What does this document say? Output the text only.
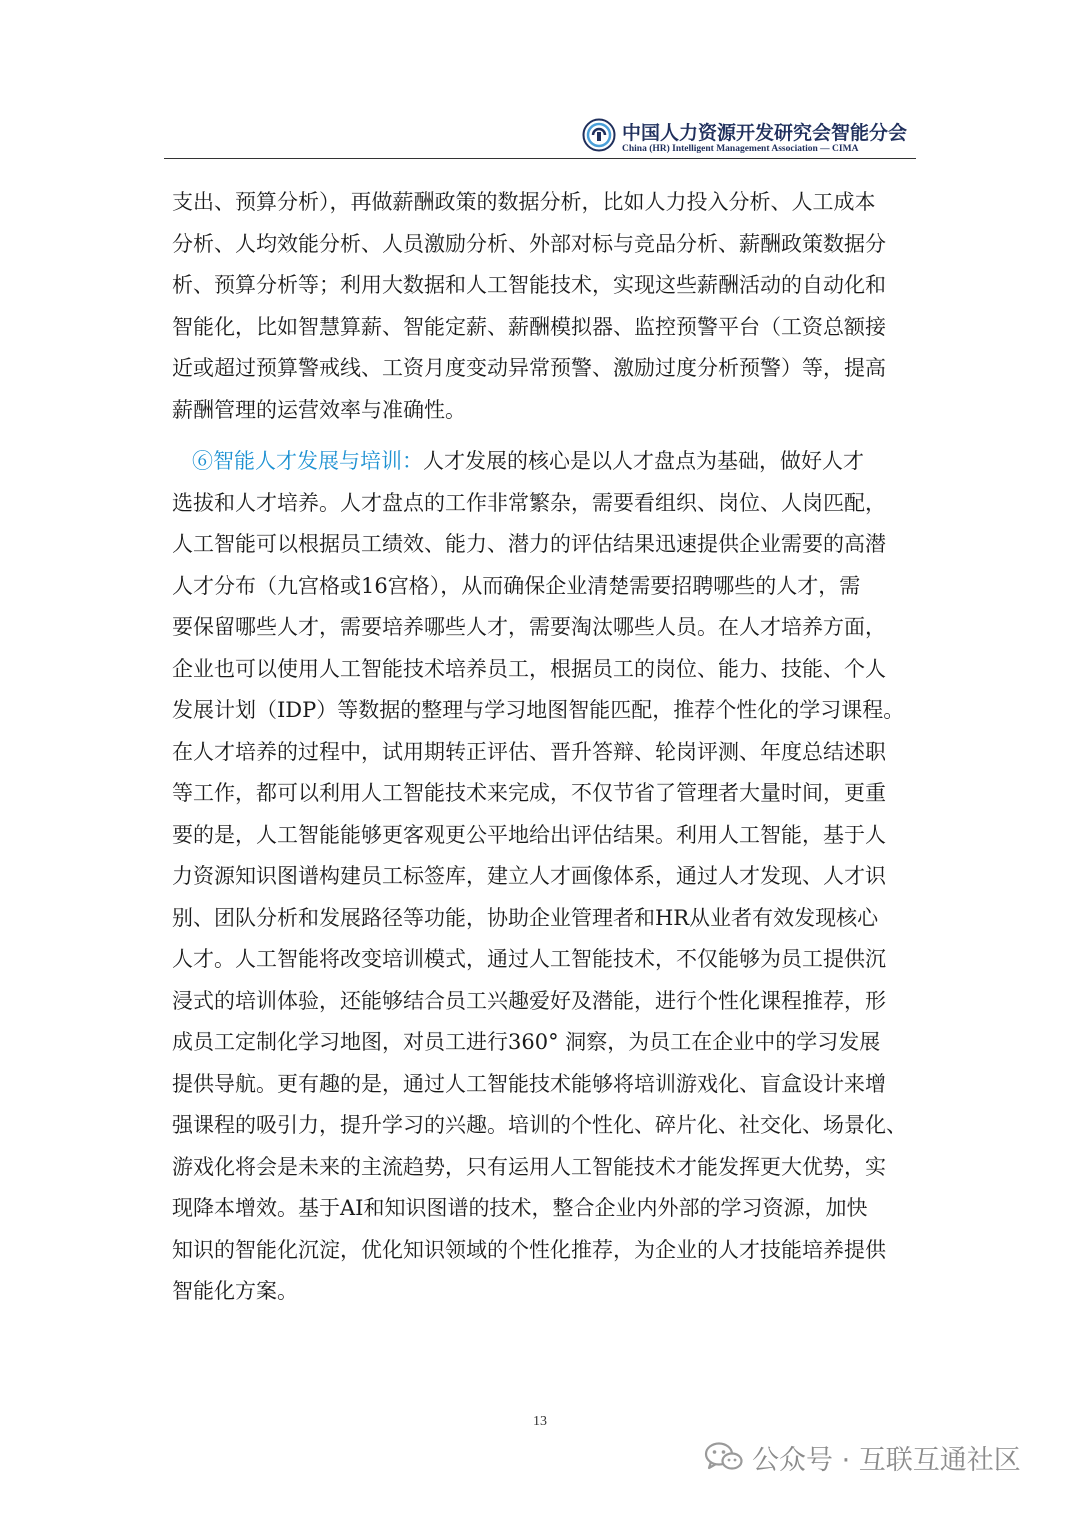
中国人力资源开发研究会智能分会
China (HR) Intelligent Management Association — CIMA
支出、预算分析），再做薪酬政策的数据分析，比如人力投入分析、人工成本
分析、人均效能分析、人员激励分析、外部对标与竞品分析、薪酬政策数据分
析、预算分析等；利用大数据和人工智能技术，实现这些薪酬活动的自动化和
智能化，比如智慧算薪、智能定薪、薪酬模拟器、监控预警平台（工资总额接
近或超过预算警戒线、工资月度变动异常预警、激励过度分析预警）等，提高
薪酬管理的运营效率与准确性。
⑥智能人才发展与培训：人才发展的核心是以人才盘点为基础，做好人才
选拔和人才培养。人才盘点的工作非常繁杂，需要看组织、岗位、人岗匹配，
人工智能可以根据员工绩效、能力、潜力的评估结果迅速提供企业需要的高潜
人才分布（九宫格或16宫格），从而确保企业清楚需要招聘哪些的人才，需
要保留哪些人才，需要培养哪些人才，需要淘汰哪些人员。在人才培养方面，
企业也可以使用人工智能技术培养员工，根据员工的岗位、能力、技能、个人
发展计划（IDP）等数据的整理与学习地图智能匹配，推荐个性化的学习课程。
在人才培养的过程中，试用期转正评估、晋升答辩、轮岗评测、年度总结述职
等工作，都可以利用人工智能技术来完成，不仅节省了管理者大量时间，更重
要的是，人工智能能够更客观更公平地给出评估结果。利用人工智能，基于人
力资源知识图谱构建员工标签库，建立人才画像体系，通过人才发现、人才识
别、团队分析和发展路径等功能，协助企业管理者和HR从业者有效发现核心
人才。人工智能将改变培训模式，通过人工智能技术，不仅能够为员工提供沉
浸式的培训体验，还能够结合员工兴趣爱好及潜能，进行个性化课程推荐，形
成员工定制化学习地图，对员工进行360° 洞察，为员工在企业中的学习发展
提供导航。更有趣的是，通过人工智能技术能够将培训游戏化、盲盒设计来增
强课程的吸引力，提升学习的兴趣。培训的个性化、碎片化、社交化、场景化、
游戏化将会是未来的主流趋势，只有运用人工智能技术才能发挥更大优势，实
现降本增效。基于AI和知识图谱的技术，整合企业内外部的学习资源，加快
知识的智能化沉淀，优化知识领域的个性化推荐，为企业的人才技能培养提供
智能化方案。
13
公众号 · 互联互通社区
